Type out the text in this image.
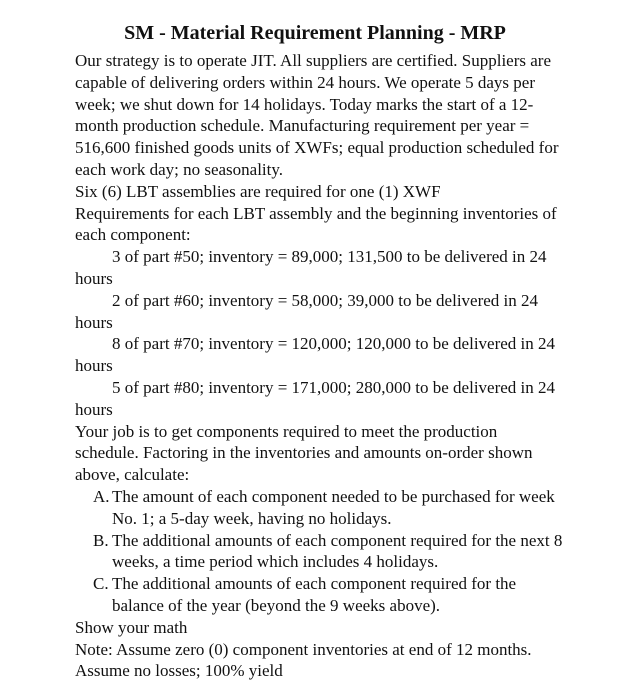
SM - Material Requirement Planning - MRP

Our strategy is to operate JIT. All suppliers are certified. Suppliers are capable of delivering orders within 24 hours. We operate 5 days per week; we shut down for 14 holidays. Today marks the start of a 12-month production schedule. Manufacturing requirement per year = 516,600 finished goods units of XWFs; equal production scheduled for each work day; no seasonality.

Six (6) LBT assemblies are required for one (1) XWF

Requirements for each LBT assembly and the beginning inventories of each component:

3 of part #50; inventory = 89,000; 131,500 to be delivered in 24 hours

2 of part #60; inventory = 58,000; 39,000 to be delivered in 24 hours

8 of part #70; inventory = 120,000; 120,000 to be delivered in 24 hours

5 of part #80; inventory = 171,000; 280,000 to be delivered in 24 hours

Your job is to get components required to meet the production schedule. Factoring in the inventories and amounts on-order shown above, calculate:

A. The amount of each component needed to be purchased for week No. 1; a 5-day week, having no holidays.
B. The additional amounts of each component required for the next 8 weeks, a time period which includes 4 holidays.
C. The additional amounts of each component required for the balance of the year (beyond the 9 weeks above).

Show your math

Note: Assume zero (0) component inventories at end of 12 months. Assume no losses; 100% yield
